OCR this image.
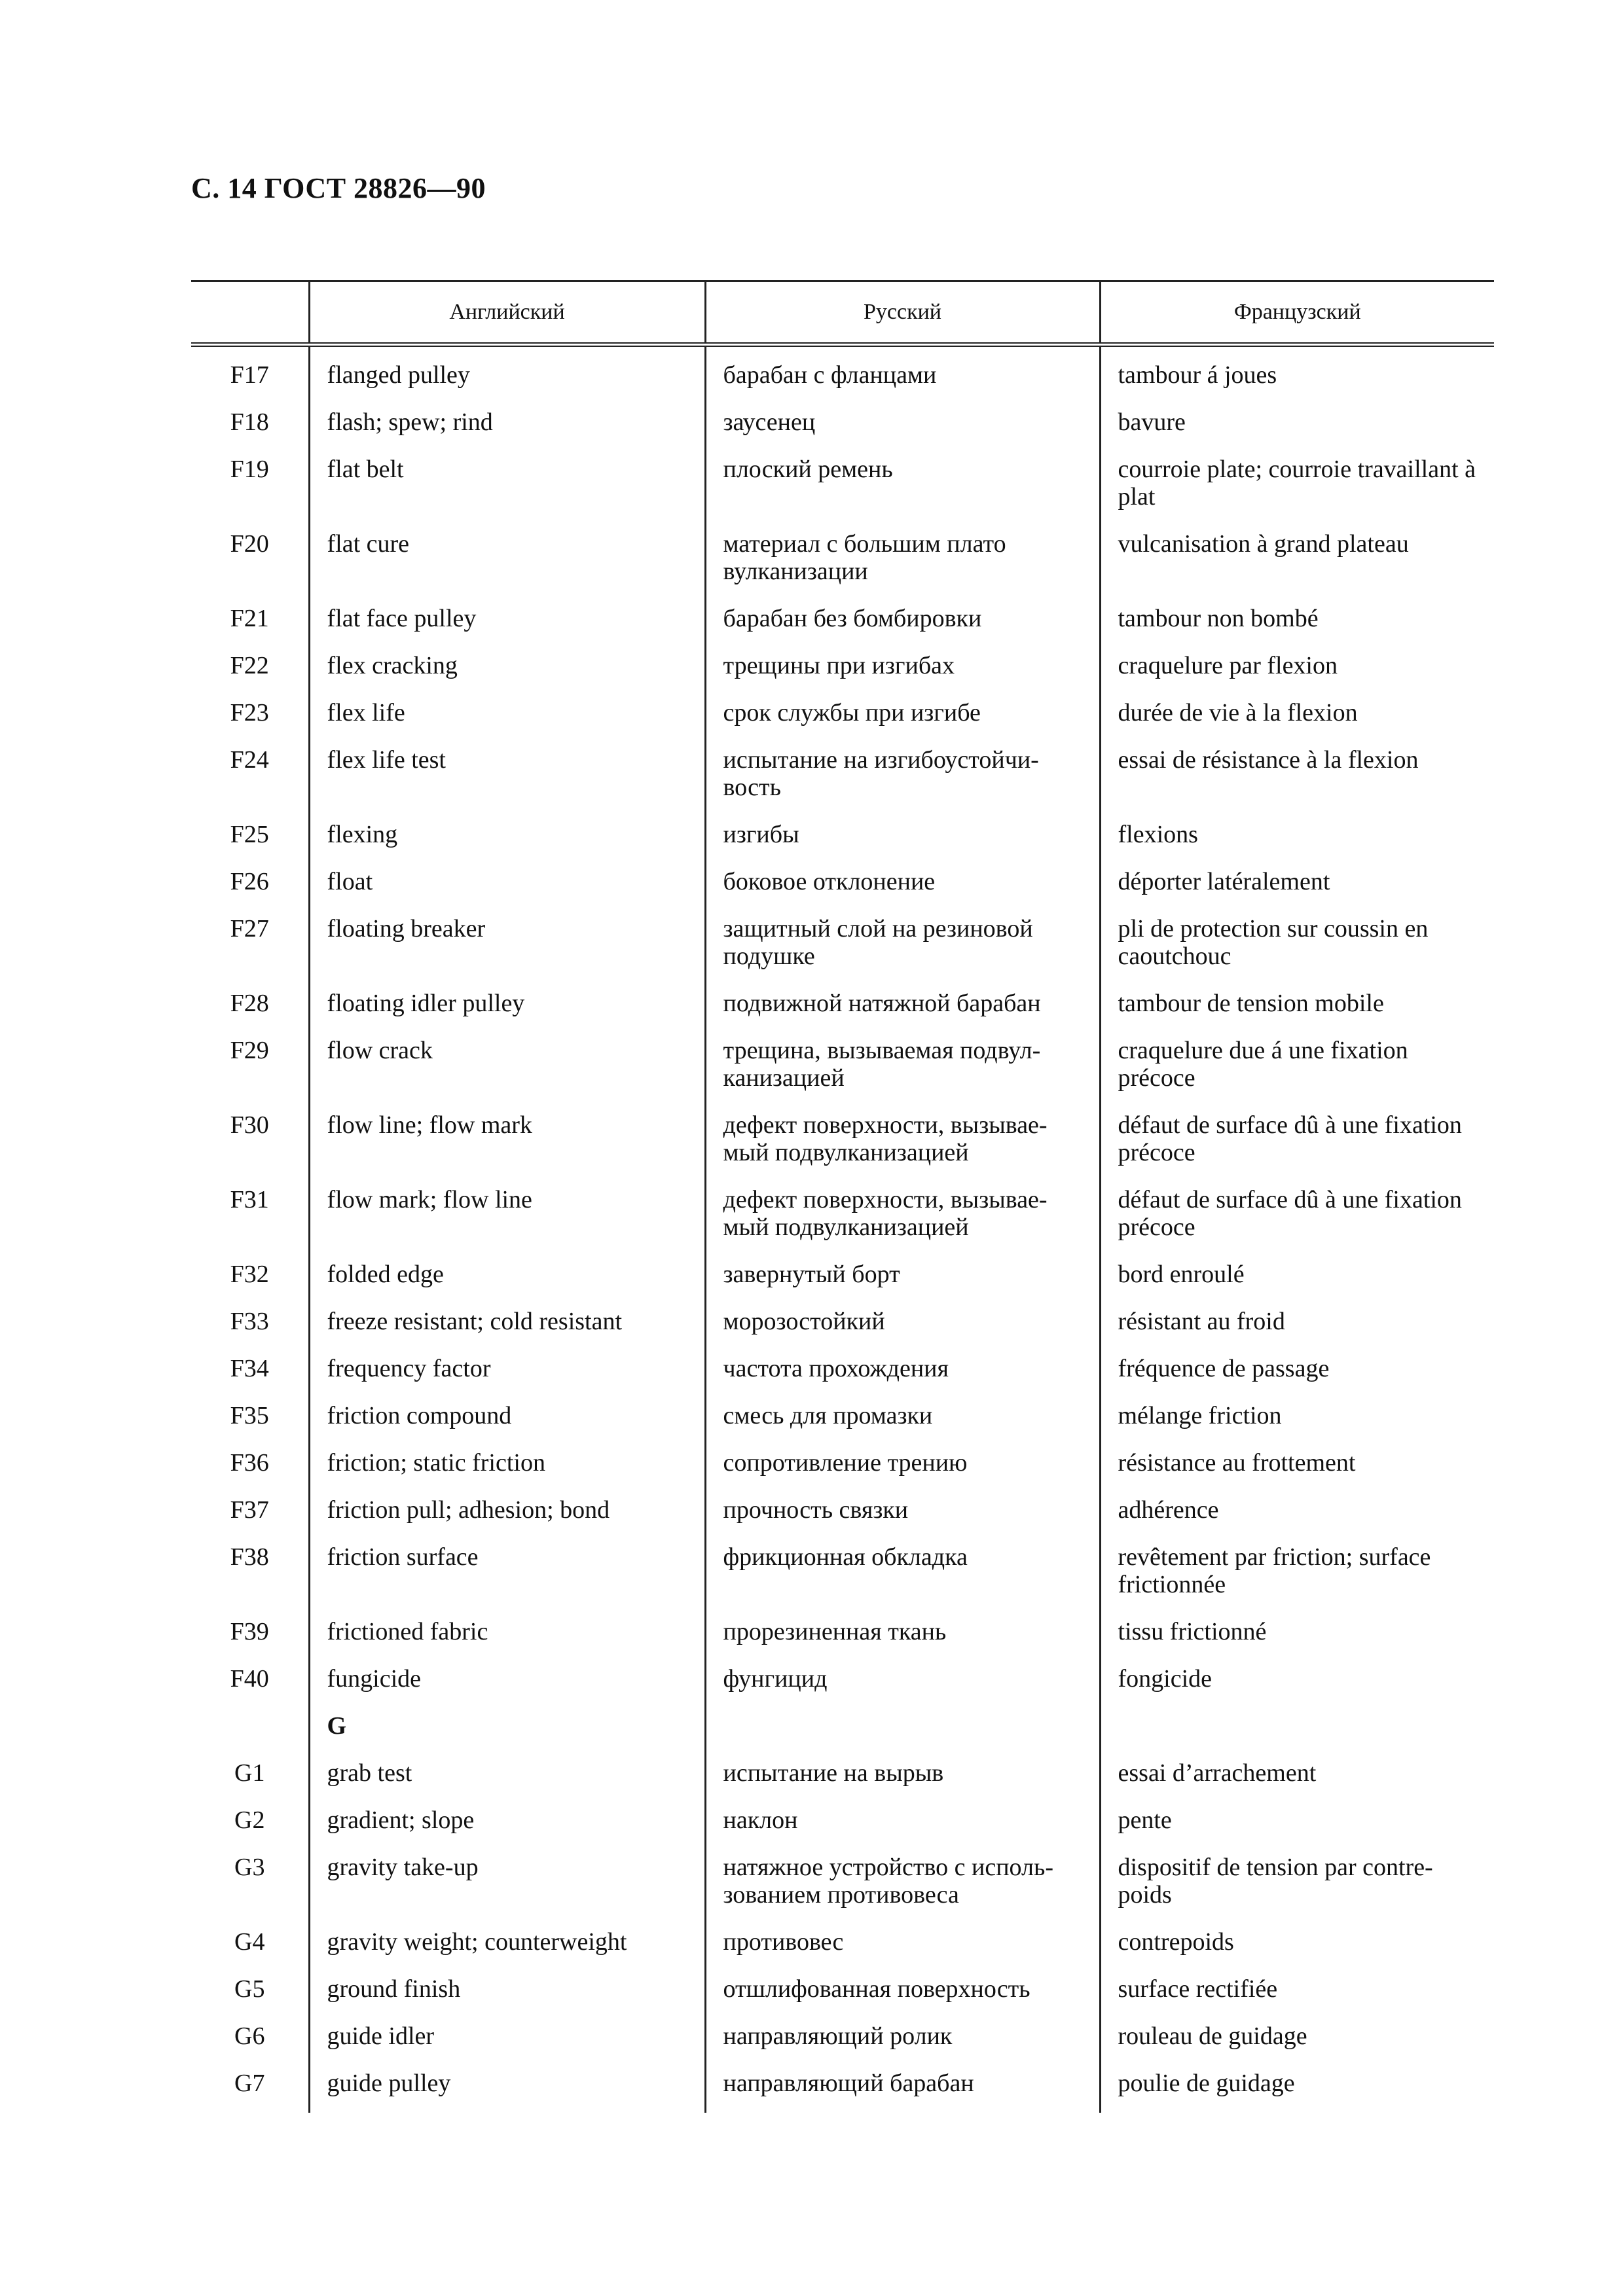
С. 14 ГОСТ 28826—90
	Английский	Русский	Французский
F17	flanged pulley	барабан с фланцами	tambour á joues
F18	flash; spew; rind	заусенец	bavure
F19	flat belt	плоский ремень	courroie plate; courroie travaillant à plat
F20	flat cure	материал с большим плато вулканизации	vulcanisation à grand plateau
F21	flat face pulley	барабан без бомбировки	tambour non bombé
F22	flex cracking	трещины при изгибах	craquelure par flexion
F23	flex life	срок службы при изгибе	durée de vie à la flexion
F24	flex life test	испытание на изгибоустойчи-вость	essai de résistance à la flexion
F25	flexing	изгибы	flexions
F26	float	боковое отклонение	déporter latéralement
F27	floating breaker	защитный слой на резиновой подушке	pli de protection sur coussin en caoutchouc
F28	floating idler pulley	подвижной натяжной барабан	tambour de tension mobile
F29	flow crack	трещина, вызываемая подвул-канизацией	craquelure due á une fixation précoce
F30	flow line; flow mark	дефект поверхности, вызывае-мый подвулканизацией	défaut de surface dû à une fixation précoce
F31	flow mark; flow line	дефект поверхности, вызывае-мый подвулканизацией	défaut de surface dû à une fixation précoce
F32	folded edge	завернутый борт	bord enroulé
F33	freeze resistant; cold resistant	морозостойкий	résistant au froid
F34	frequency factor	частота прохождения	fréquence de passage
F35	friction compound	смесь для промазки	mélange friction
F36	friction; static friction	сопротивление трению	résistance au frottement
F37	friction pull; adhesion; bond	прочность связки	adhérence
F38	friction surface	фрикционная обкладка	revêtement par friction; surface frictionnée
F39	frictioned fabric	прорезиненная ткань	tissu frictionné
F40	fungicide	фунгицид	fongicide
	G		
G1	grab test	испытание на вырыв	essai d’arrachement
G2	gradient; slope	наклон	pente
G3	gravity take-up	натяжное устройство с исполь-зованием противовеса	dispositif de tension par contre-poids
G4	gravity weight; counterweight	противовес	contrepoids
G5	ground finish	отшлифованная поверхность	surface rectifiée
G6	guide idler	направляющий ролик	rouleau de guidage
G7	guide pulley	направляющий барабан	poulie de guidage
